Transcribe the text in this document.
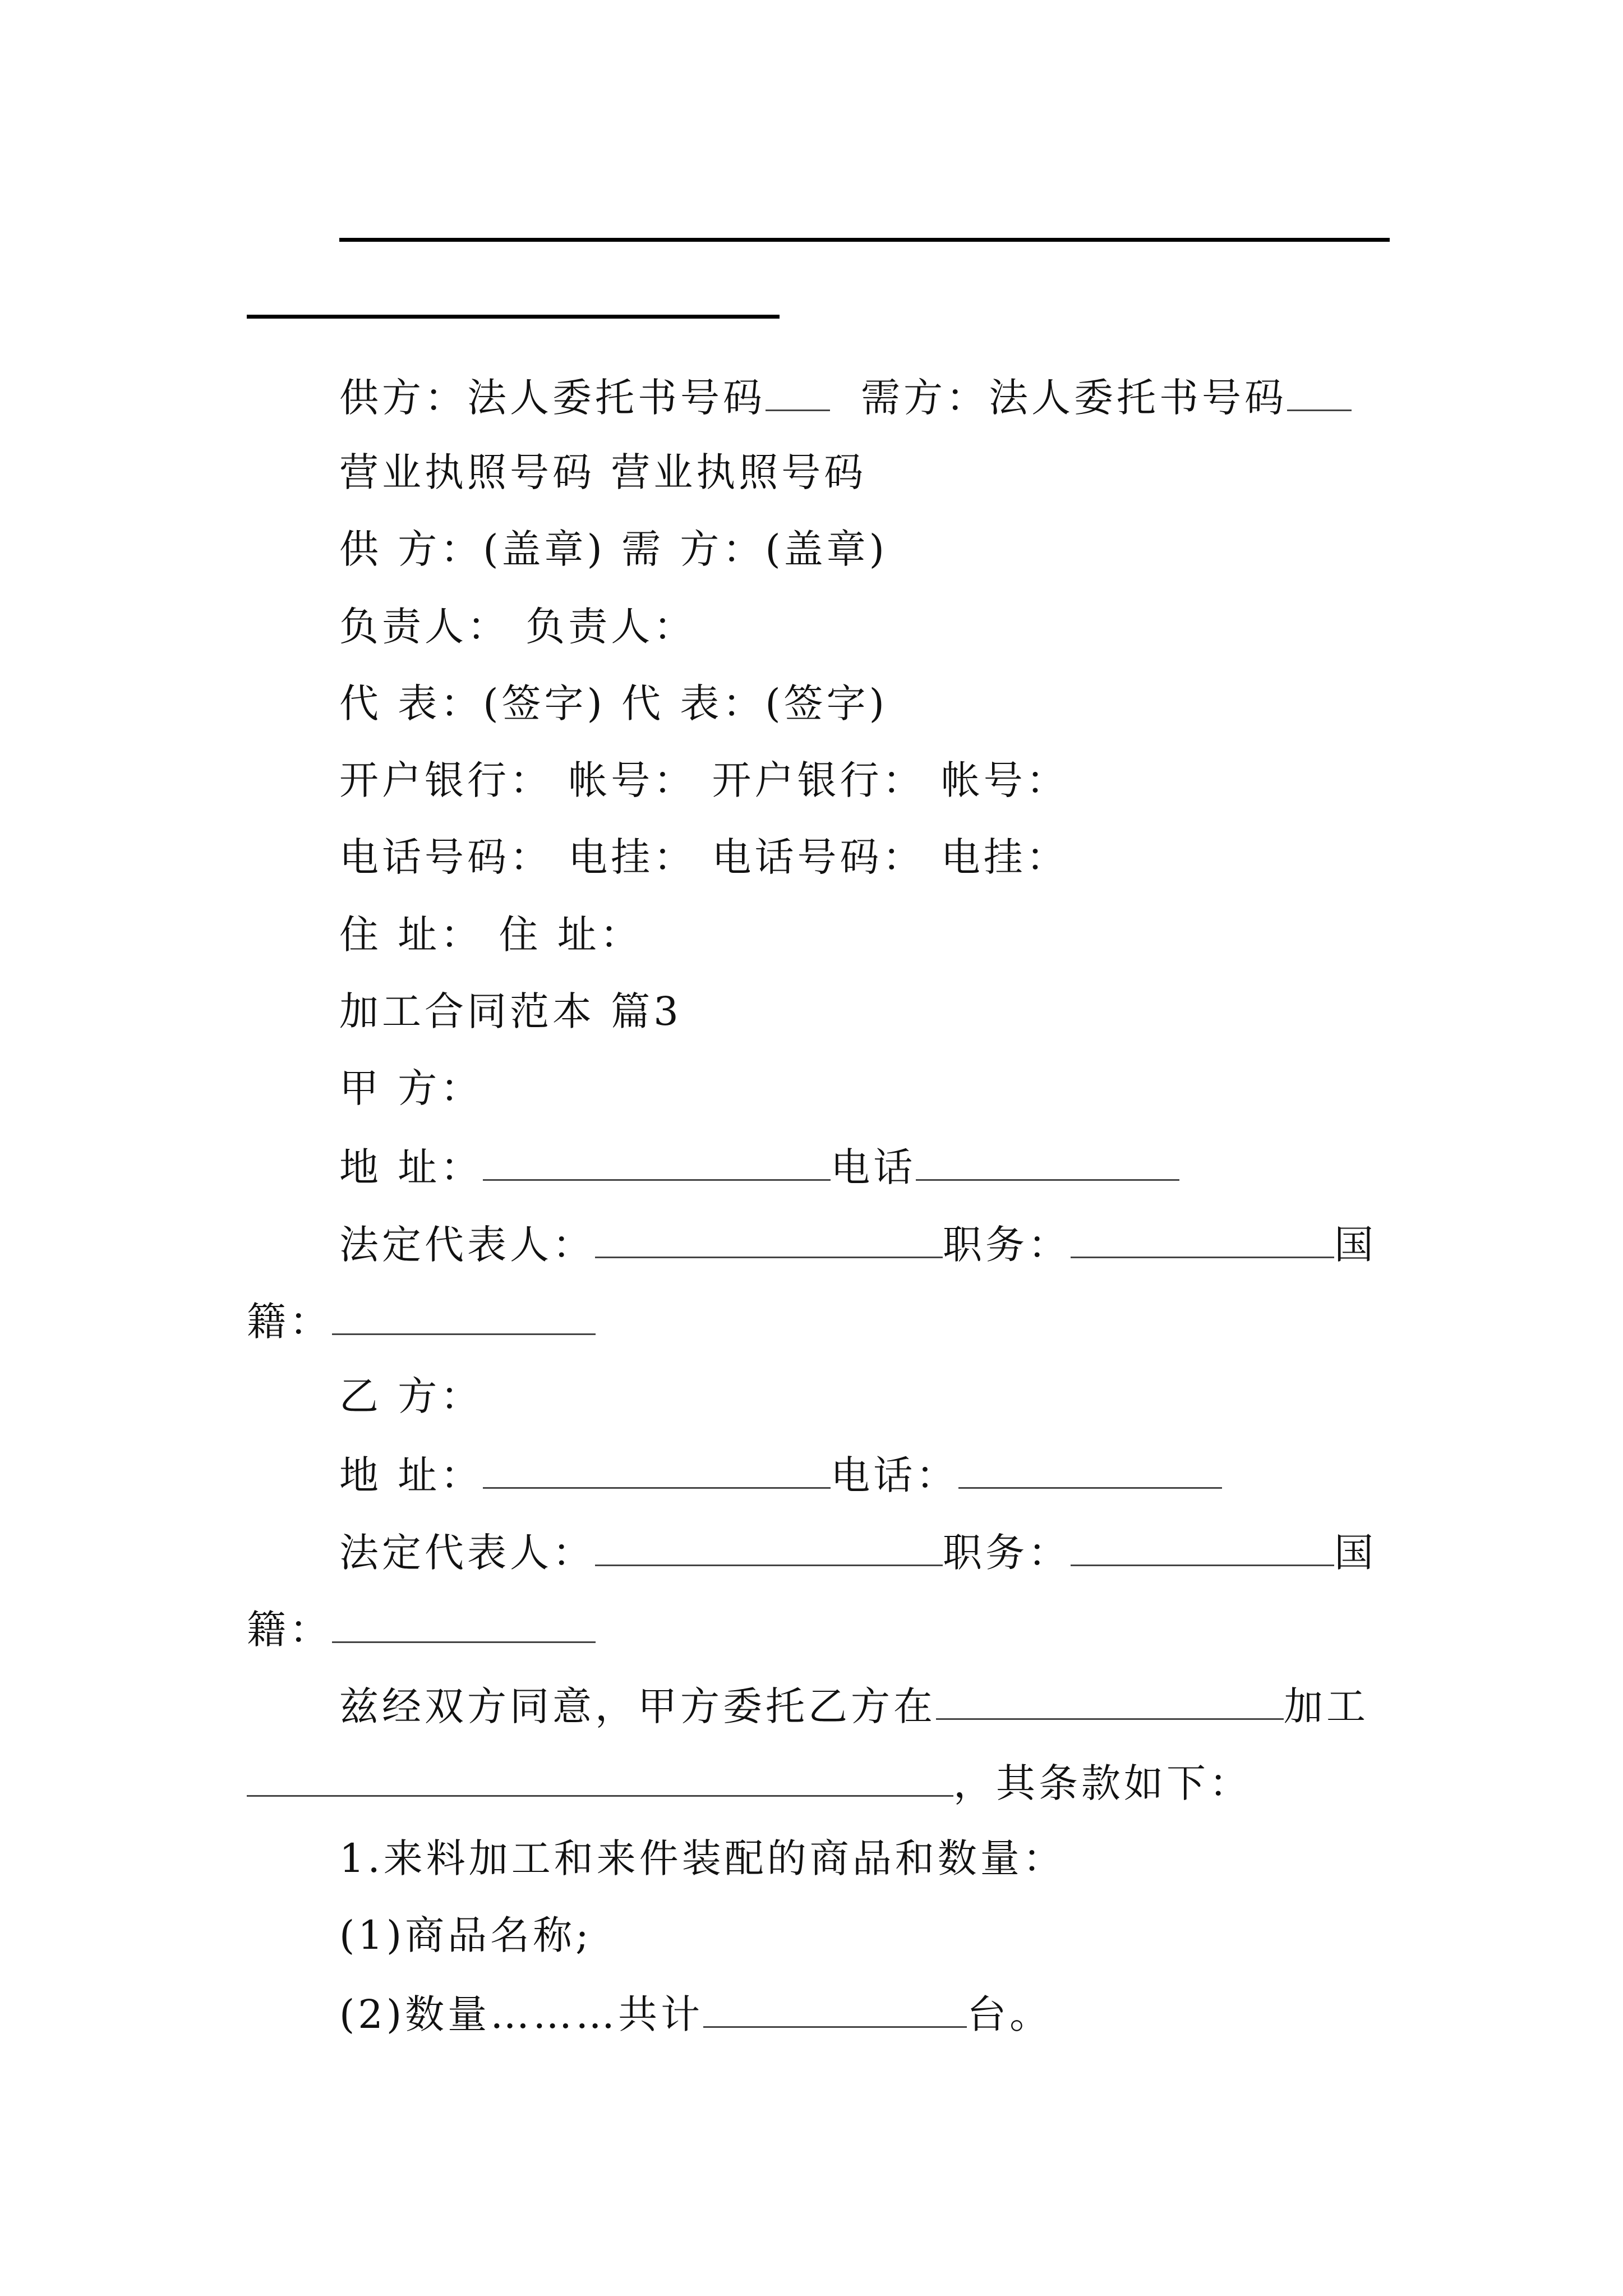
供方：法人委托书号码 需方：法人委托书号码
营业执照号码 营业执照号码
供 方：(盖章) 需 方：(盖章)
负责人： 负责人：
代 表：(签字) 代 表：(签字)
开户银行： 帐号： 开户银行： 帐号：
电话号码： 电挂： 电话号码： 电挂：
住 址： 住 址：
加工合同范本 篇3
甲 方：
地 址：	电话
法定代表人：	职务：	国
籍：
乙 方：
地 址：	电话：
法定代表人：	职务：	国
籍：
兹经双方同意，甲方委托乙方在	加工
，其条款如下：
1.来料加工和来件装配的商品和数量：
(1)商品名称;
(2)数量………共计	台。
